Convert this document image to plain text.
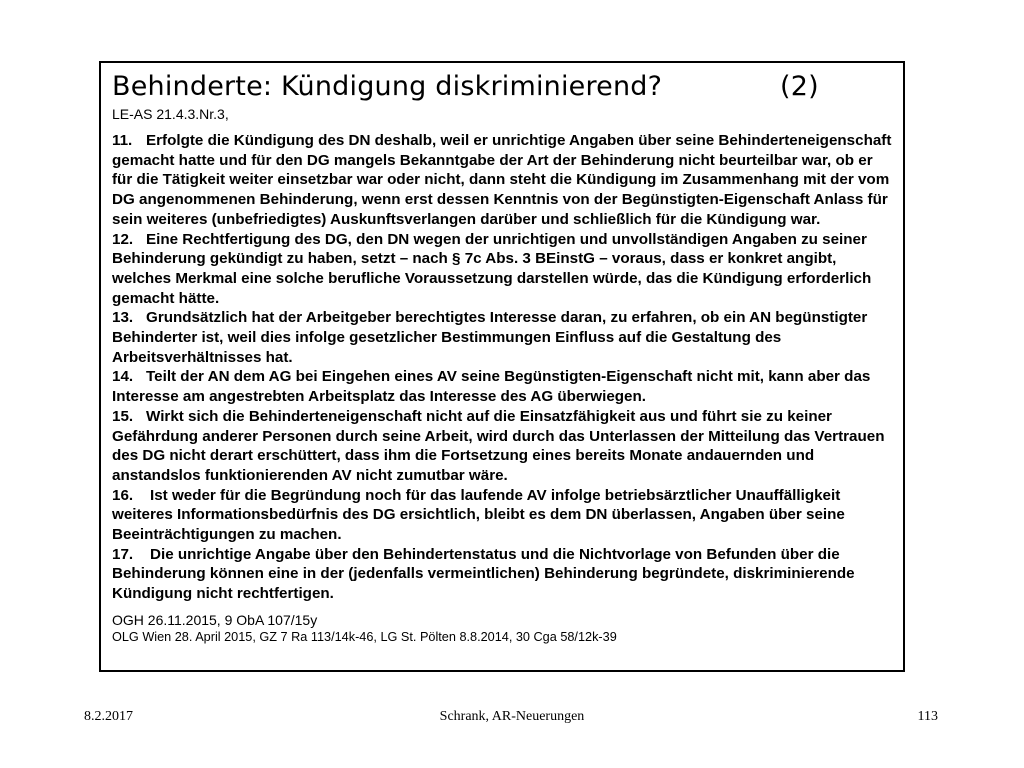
Behinderte: Kündigung diskriminierend?	(2)
LE-AS 21.4.3.Nr.3,

11. Erfolgte die Kündigung des DN deshalb, weil er unrichtige Angaben über seine Behinderteneigenschaft gemacht hatte und für den DG mangels Bekanntgabe der Art der Behinderung nicht beurteilbar war, ob er für die Tätigkeit weiter einsetzbar war oder nicht, dann steht die Kündigung im Zusammenhang mit der vom DG angenommenen Behinderung, wenn erst dessen Kenntnis von der Begünstigten-Eigenschaft Anlass für sein weiteres (unbefriedigtes) Auskunftsverlangen darüber und schließlich für die Kündigung war.

12. Eine Rechtfertigung des DG, den DN wegen der unrichtigen und unvollständigen Angaben zu seiner Behinderung gekündigt zu haben, setzt – nach § 7c Abs. 3 BEinstG – voraus, dass er konkret angibt, welches Merkmal eine solche berufliche Voraussetzung darstellen würde, das die Kündigung erforderlich gemacht hätte.

13. Grundsätzlich hat der Arbeitgeber berechtigtes Interesse daran, zu erfahren, ob ein AN begünstigter Behinderter ist, weil dies infolge gesetzlicher Bestimmungen Einfluss auf die Gestaltung des Arbeitsverhältnisses hat.

14. Teilt der AN dem AG bei Eingehen eines AV seine Begünstigten-Eigenschaft nicht mit, kann aber das Interesse am angestrebten Arbeitsplatz das Interesse des AG überwiegen.

15. Wirkt sich die Behinderteneigenschaft nicht auf die Einsatzfähigkeit aus und führt sie zu keiner Gefährdung anderer Personen durch seine Arbeit, wird durch das Unterlassen der Mitteilung das Vertrauen des DG nicht derart erschüttert, dass ihm die Fortsetzung eines bereits Monate andauernden und anstandslos funktionierenden AV nicht zumutbar wäre.

16. Ist weder für die Begründung noch für das laufende AV infolge betriebsärztlicher Unauffälligkeit weiteres Informationsbedürfnis des DG ersichtlich, bleibt es dem DN überlassen, Angaben über seine Beeinträchtigungen zu machen.

17. Die unrichtige Angabe über den Behindertenstatus und die Nichtvorlage von Befunden über die Behinderung können eine in der (jedenfalls vermeintlichen) Behinderung begründete, diskriminierende Kündigung nicht rechtfertigen.

OGH 26.11.2015, 9 ObA 107/15y
OLG Wien 28. April 2015, GZ 7 Ra 113/14k-46, LG St. Pölten 8.8.2014, 30 Cga 58/12k-39
8.2.2017	Schrank, AR-Neuerungen	113
